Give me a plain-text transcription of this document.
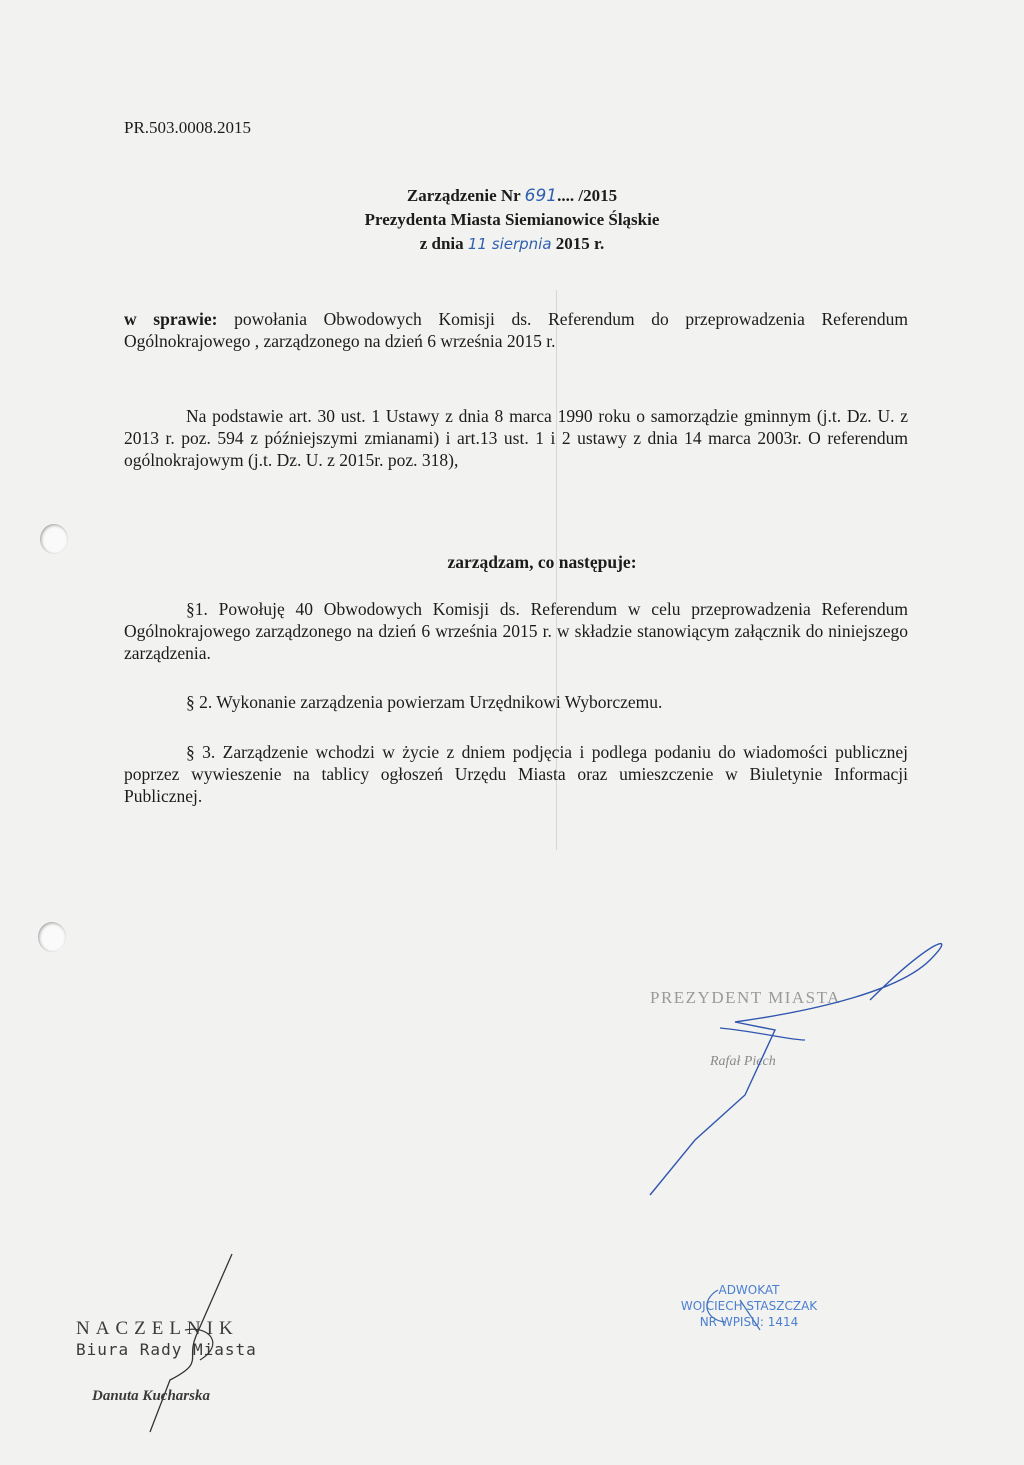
PR.503.0008.2015
Zarządzenie Nr 691.... /2015
Prezydenta Miasta Siemianowice Śląskie
z dnia 11 sierpnia 2015 r.
w sprawie: powołania Obwodowych Komisji ds. Referendum do przeprowadzenia Referendum Ogólnokrajowego , zarządzonego na dzień 6 września 2015 r.
Na podstawie art. 30 ust. 1 Ustawy z dnia 8 marca 1990 roku o samorządzie gminnym (j.t. Dz. U. z 2013 r. poz. 594 z późniejszymi zmianami) i art.13 ust. 1 i 2 ustawy z dnia 14 marca 2003r. O referendum ogólnokrajowym (j.t. Dz. U. z 2015r. poz. 318),
zarządzam, co następuje:
§1. Powołuję 40 Obwodowych Komisji ds. Referendum w celu przeprowadzenia Referendum Ogólnokrajowego zarządzonego na dzień 6 września 2015 r. w składzie stanowiącym załącznik do niniejszego zarządzenia.
§ 2. Wykonanie zarządzenia powierzam Urzędnikowi Wyborczemu.
§ 3. Zarządzenie wchodzi w życie z dniem podjęcia i podlega podaniu do wiadomości publicznej poprzez wywieszenie na tablicy ogłoszeń Urzędu Miasta oraz umieszczenie w Biuletynie Informacji Publicznej.
PREZYDENT MIASTA
Rafał Piech
NACZELNIK
Biura Rady Miasta
Danuta Kucharska
ADWOKAT
WOJCIECH STASZCZAK
NR WPISU: 1414
